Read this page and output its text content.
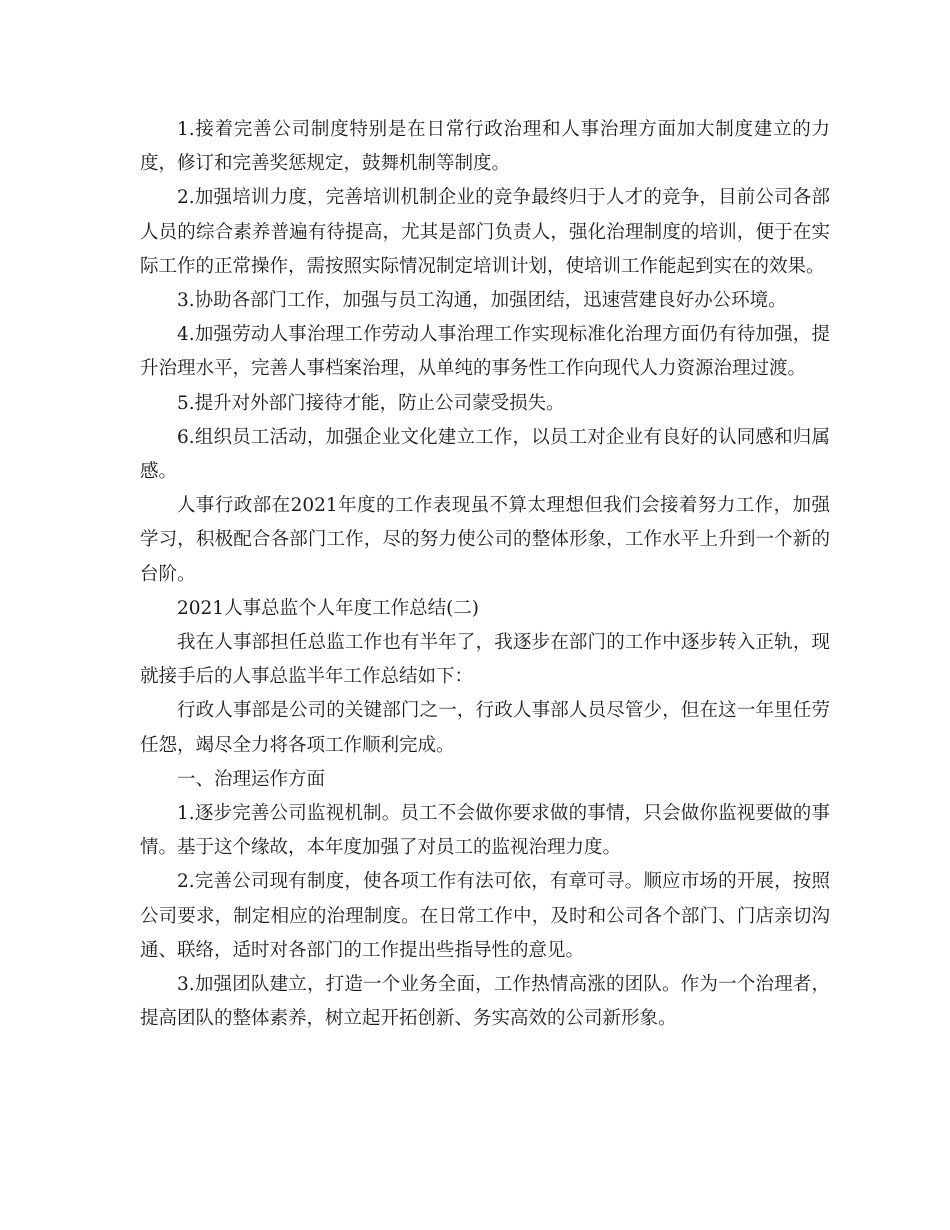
1.接着完善公司制度特别是在日常行政治理和人事治理方面加大制度建立的力度，修订和完善奖惩规定，鼓舞机制等制度。

2.加强培训力度，完善培训机制企业的竞争最终归于人才的竞争，目前公司各部人员的综合素养普遍有待提高，尤其是部门负责人，强化治理制度的培训，便于在实际工作的正常操作，需按照实际情况制定培训计划，使培训工作能起到实在的效果。

3.协助各部门工作，加强与员工沟通，加强团结，迅速营建良好办公环境。

4.加强劳动人事治理工作劳动人事治理工作实现标准化治理方面仍有待加强，提升治理水平，完善人事档案治理，从单纯的事务性工作向现代人力资源治理过渡。

5.提升对外部门接待才能，防止公司蒙受损失。

6.组织员工活动，加强企业文化建立工作，以员工对企业有良好的认同感和归属感。

人事行政部在2021年度的工作表现虽不算太理想但我们会接着努力工作，加强学习，积极配合各部门工作，尽的努力使公司的整体形象，工作水平上升到一个新的台阶。

2021人事总监个人年度工作总结(二)

我在人事部担任总监工作也有半年了，我逐步在部门的工作中逐步转入正轨，现就接手后的人事总监半年工作总结如下：

行政人事部是公司的关键部门之一，行政人事部人员尽管少，但在这一年里任劳任怨，竭尽全力将各项工作顺利完成。

一、治理运作方面

1.逐步完善公司监视机制。员工不会做你要求做的事情，只会做你监视要做的事情。基于这个缘故，本年度加强了对员工的监视治理力度。

2.完善公司现有制度，使各项工作有法可依，有章可寻。顺应市场的开展，按照公司要求，制定相应的治理制度。在日常工作中，及时和公司各个部门、门店亲切沟通、联络，适时对各部门的工作提出些指导性的意见。

3.加强团队建立，打造一个业务全面，工作热情高涨的团队。作为一个治理者，提高团队的整体素养，树立起开拓创新、务实高效的公司新形象。
